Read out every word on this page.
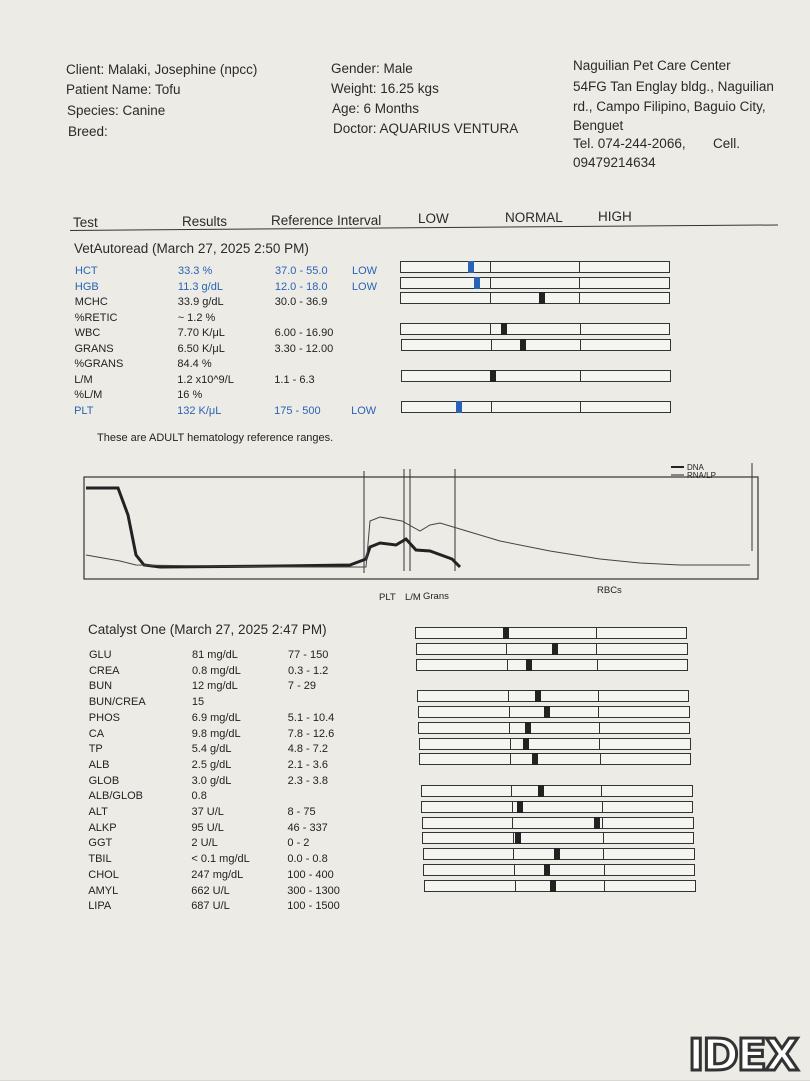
Client: Malaki, Josephine (npcc)
Patient Name: Tofu
Species: Canine
Breed:
Gender: Male
Weight: 16.25 kgs
Age: 6 Months
Doctor: AQUARIUS VENTURA
Naguilian Pet Care Center
54FG Tan Englay bldg., Naguilian
rd., Campo Filipino, Baguio City,
Benguet
Tel. 074-244-2066, Cell.
09479214634
Test	Results	Reference Interval	LOW	NORMAL	HIGH
VetAutoread (March 27, 2025 2:50 PM)
HCT	33.3 %	37.0 - 55.0 LOW
HGB	11.3 g/dL	12.0 - 18.0 LOW
MCHC	33.9 g/dL	30.0 - 36.9
%RETIC	~ 1.2 %
WBC	7.70 K/μL	6.00 - 16.90
GRANS	6.50 K/μL	3.30 - 12.00
%GRANS	84.4 %
L/M	1.2 x10^9/L	1.1 - 6.3
%L/M	16 %
PLT	132 K/μL	175 - 500	LOW
These are ADULT hematology reference ranges.
DNA
RNA/LP
PLT L/M Grans
RBCs
Catalyst One (March 27, 2025 2:47 PM)
GLU	81 mg/dL	77 - 150
CREA	0.8 mg/dL	0.3 - 1.2
BUN	12 mg/dL	7 - 29
BUN/CREA	15
PHOS	6.9 mg/dL	5.1 - 10.4
CA	9.8 mg/dL	7.8 - 12.6
TP	5.4 g/dL	4.8 - 7.2
ALB	2.5 g/dL	2.1 - 3.6
GLOB	3.0 g/dL	2.3 - 3.8
ALB/GLOB	0.8
ALT	37 U/L	8 - 75
ALKP	95 U/L	46 - 337
GGT	2 U/L	0 - 2
TBIL	< 0.1 mg/dL	0.0 - 0.8
CHOL	247 mg/dL	100 - 400
AMYL	662 U/L	300 - 1300
LIPA	687 U/L	100 - 1500
IDEX
